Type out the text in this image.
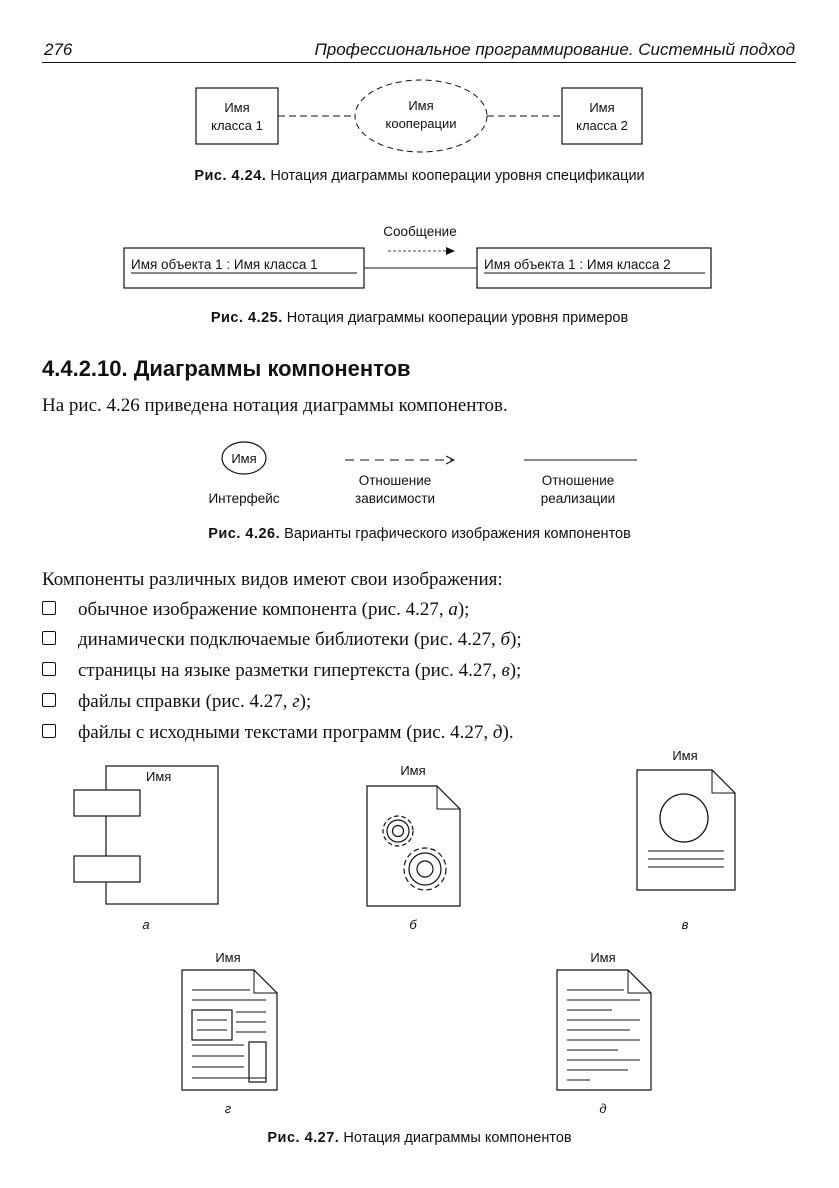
276	Профессиональное программирование. Системный подход
Имя
класса 1
Имя
кооперации
Имя
класса 2
Сообщение
Имя объекта 1 : Имя класса 1	Имя объекта 1 : Имя класса 2
Имя
Интерфейс
Отношение
зависимости
Отношение
реализации
Имя
а
Имя
б
Имя
в
Имя
г
Имя
д
Рис. 4.24. Нотация диаграммы кооперации уровня спецификации
Рис. 4.25. Нотация диаграммы кооперации уровня примеров
4.4.2.10. Диаграммы компонентов
На рис. 4.26 приведена нотация диаграммы компонентов.
Рис. 4.26. Варианты графического изображения компонентов
Компоненты различных видов имеют свои изображения:
обычное изображение компонента (рис. 4.27, а);
динамически подключаемые библиотеки (рис. 4.27, б);
страницы на языке разметки гипертекста (рис. 4.27, в);
файлы справки (рис. 4.27, г);
файлы с исходными текстами программ (рис. 4.27, д).
Рис. 4.27. Нотация диаграммы компонентов
